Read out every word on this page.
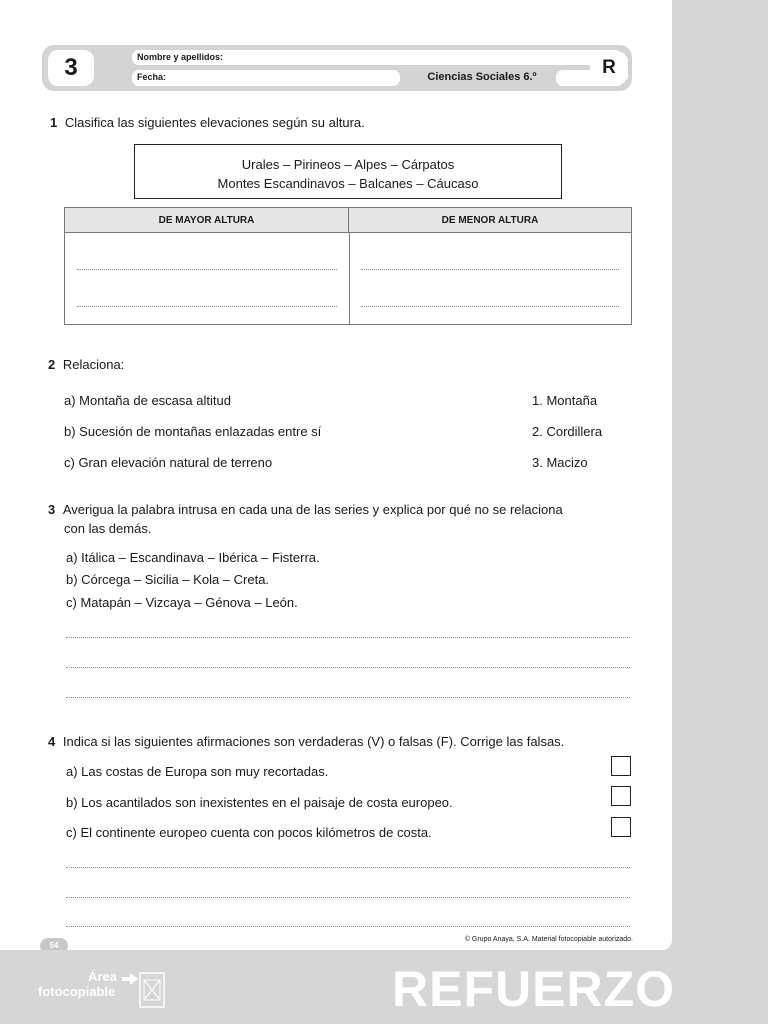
3	Nombre y apellidos:
Fecha:	Ciencias Sociales 6.º	R
1 Clasifica las siguientes elevaciones según su altura.
Urales – Pirineos – Alpes – Cárpatos
Montes Escandinavos – Balcanes – Cáucaso
DE MAYOR ALTURA	DE MENOR ALTURA
2 Relaciona:
a) Montaña de escasa altitud
b) Sucesión de montañas enlazadas entre sí
c) Gran elevación natural de terreno
1. Montaña
2. Cordillera
3. Macizo
3 Averigua la palabra intrusa en cada una de las series y explica por qué no se relaciona
con las demás.
a) Itálica – Escandinava – Ibérica – Fisterra.
b) Córcega – Sicilia – Kola – Creta.
c) Matapán – Vizcaya – Génova – León.
4 Indica si las siguientes afirmaciones son verdaderas (V) o falsas (F). Corrige las falsas.
a) Las costas de Europa son muy recortadas.
b) Los acantilados son inexistentes en el paisaje de costa europeo.
c) El continente europeo cuenta con pocos kilómetros de costa.
© Grupo Anaya, S.A. Material fotocopiable autorizado.
54
Área
fotocopiable	REFUERZO
